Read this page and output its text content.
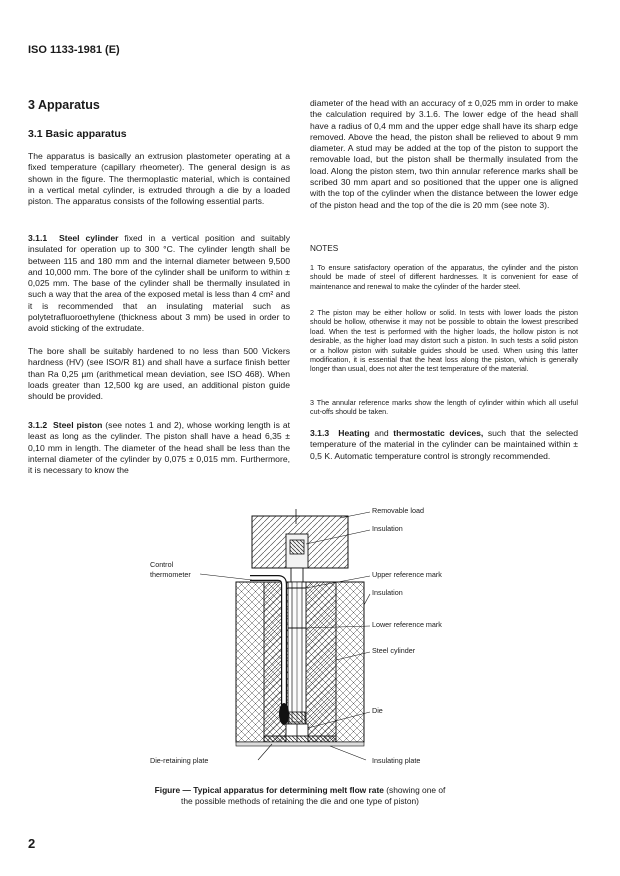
ISO 1133-1981 (E)
3 Apparatus
3.1 Basic apparatus

The apparatus is basically an extrusion plastometer operating at a fixed temperature (capillary rheometer). The general design is as shown in the figure. The thermoplastic material, which is contained in a vertical metal cylinder, is extruded through a die by a loaded piston. The apparatus consists of the following essential parts.

3.1.1 Steel cylinder fixed in a vertical position and suitably insulated for operation up to 300 °C. The cylinder length shall be between 115 and 180 mm and the internal diameter between 9,500 and 10,000 mm. The bore of the cylinder shall be uniform to within ± 0,025 mm. The base of the cylinder shall be thermally insulated in such a way that the area of the exposed metal is less than 4 cm² and it is recommended that an insulating material such as polytetrafluoroethylene (thickness about 3 mm) be used in order to avoid sticking of the extrudate.

The bore shall be suitably hardened to no less than 500 Vickers hardness (HV) (see ISO/R 81) and shall have a surface finish better than Ra 0,25 µm (arithmetical mean deviation, see ISO 468). When loads greater than 12,500 kg are used, an additional piston guide should be provided.

3.1.2 Steel piston (see notes 1 and 2), whose working length is at least as long as the cylinder. The piston shall have a head 6,35 ± 0,10 mm in length. The diameter of the head shall be less than the internal diameter of the cylinder by 0,075 ± 0,015 mm. Furthermore, it is necessary to know the

diameter of the head with an accuracy of ± 0,025 mm in order to make the calculation required by 3.1.6. The lower edge of the head shall have a radius of 0,4 mm and the upper edge shall have its sharp edge removed. Above the head, the piston shall be relieved to about 9 mm diameter. A stud may be added at the top of the piston to support the removable load, but the piston shall be thermally insulated from the load. Along the piston stem, two thin annular reference marks shall be scribed 30 mm apart and so positioned that the upper one is aligned with the top of the cylinder when the distance between the lower edge of the piston head and the top of the die is 20 mm (see note 3).

NOTES

1 To ensure satisfactory operation of the apparatus, the cylinder and the piston should be made of steel of different hardnesses. It is convenient for ease of maintenance and renewal to make the cylinder of the harder steel.

2 The piston may be either hollow or solid. In tests with lower loads the piston should be hollow, otherwise it may not be possible to obtain the lowest prescribed load. When the test is performed with the higher loads, the hollow piston is not desirable, as the higher load may distort such a piston. In such tests a solid piston or a hollow piston with suitable guides should be used. When using this latter modification, it is essential that the heat loss along the piston, which is generally longer than usual, does not alter the test temperature of the material.

3 The annular reference marks show the length of cylinder within which all useful cut-offs should be taken.

3.1.3 Heating and thermostatic devices, such that the selected temperature of the material in the cylinder can be maintained within ± 0,5 K. Automatic temperature control is strongly recommended.

Removable load
Insulation
Control
thermometer	Upper reference mark
Insulation
Lower reference mark
Steel cylinder
Die
Die-retaining plate	Insulating plate
Figure — Typical apparatus for determining melt flow rate (showing one of the possible methods of retaining the die and one type of piston)
2
